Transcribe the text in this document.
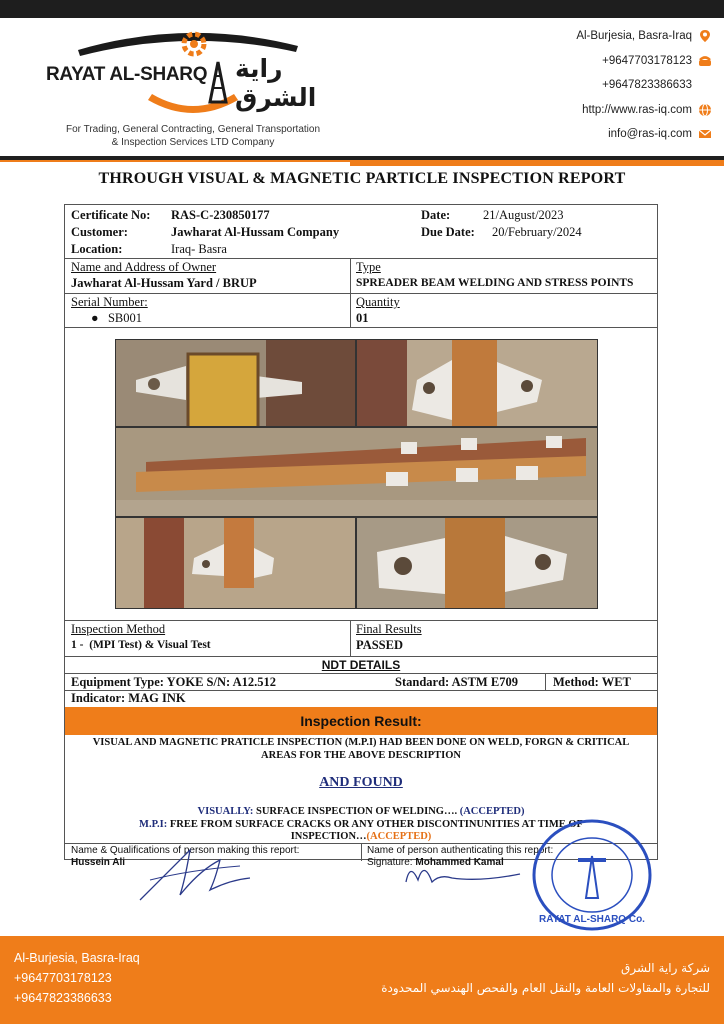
RAYAT AL-SHARQ راية الشرق
For Trading, General Contracting, General Transportation
& Inspection Services LTD Company
Al-Burjesia, Basra-Iraq
+9647703178123
+9647823386633
http://www.ras-iq.com
info@ras-iq.com
THROUGH VISUAL & MAGNETIC PARTICLE INSPECTION REPORT
Certificate No: RAS-C-230850177	Date:	21/August/2023
Customer:	Jawharat Al-Hussam Company	Due Date: 20/February/2024
Location:	Iraq- Basra
Name and Address of Owner
Jawharat Al-Hussam Yard / BRUP
Type
SPREADER BEAM WELDING AND STRESS POINTS
Serial Number:
● SB001
Quantity
01
Inspection Method
1 - (MPI Test) & Visual Test
Final Results
PASSED
NDT DETAILS
Equipment Type: YOKE S/N: A12.512	Standard: ASTM E709	Method: WET
Indicator: MAG INK
Inspection Result:
VISUAL AND MAGNETIC PRATICLE INSPECTION (M.P.I) HAD BEEN DONE ON WELD, FORGN & CRITICAL
AREAS FOR THE ABOVE DESCRIPTION
AND FOUND
VISUALLY: SURFACE INSPECTION OF WELDING…. (ACCEPTED)
M.P.I: FREE FROM SURFACE CRACKS OR ANY OTHER DISCONTINUNITIES AT TIME OF
INSPECTION…(ACCEPTED)
Name & Qualifications of person making this report:
Hussein Ali
Name of person authenticating this report:
Signature: Mohammed Kamal
RAYAT AL-SHARQ Co.
Al-Burjesia, Basra-Iraq
+9647703178123
+9647823386633
شركة راية الشرق
للتجارة والمقاولات العامة والنقل العام والفحص الهندسي المحدودة
